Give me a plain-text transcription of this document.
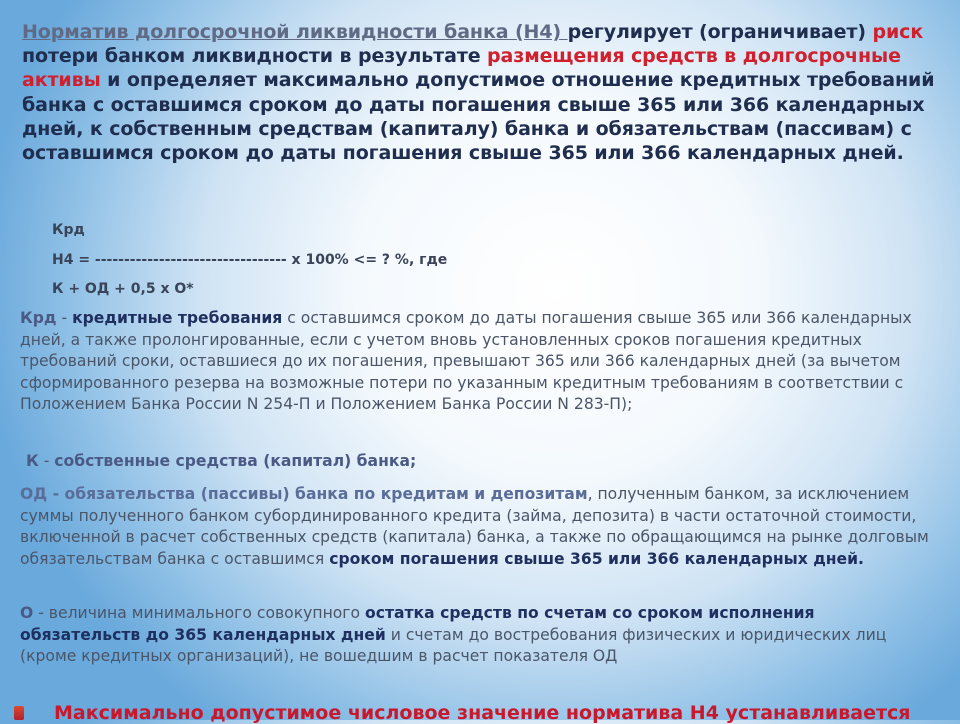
Норматив долгосрочной ликвидности банка (Н4) регулирует (ограничивает) риск потери банком ликвидности в результате размещения средств в долгосрочные активы и определяет максимально допустимое отношение кредитных требований банка с оставшимся сроком до даты погашения свыше 365 или 366 календарных дней, к собственным средствам (капиталу) банка и обязательствам (пассивам) с оставшимся сроком до даты погашения свыше 365 или 366 календарных дней.

Крд
Н4 = --------------------------------- х 100% <= ? %, где
К + ОД + 0,5 х О*

Крд - кредитные требования с оставшимся сроком до даты погашения свыше 365 или 366 календарных дней, а также пролонгированные, если с учетом вновь установленных сроков погашения кредитных требований сроки, оставшиеся до их погашения, превышают 365 или 366 календарных дней (за вычетом сформированного резерва на возможные потери по указанным кредитным требованиям в соответствии с Положением Банка России N 254-П и Положением Банка России N 283-П);

К - собственные средства (капитал) банка;

ОД - обязательства (пассивы) банка по кредитам и депозитам, полученным банком, за исключением суммы полученного банком субординированного кредита (займа, депозита) в части остаточной стоимости, включенной в расчет собственных средств (капитала) банка, а также по обращающимся на рынке долговым обязательствам банка с оставшимся сроком погашения свыше 365 или 366 календарных дней.

О - величина минимального совокупного остатка средств по счетам со сроком исполнения обязательств до 365 календарных дней и счетам до востребования физических и юридических лиц (кроме кредитных организаций), не вошедшим в расчет показателя ОД

Максимально допустимое числовое значение норматива Н4 устанавливается
